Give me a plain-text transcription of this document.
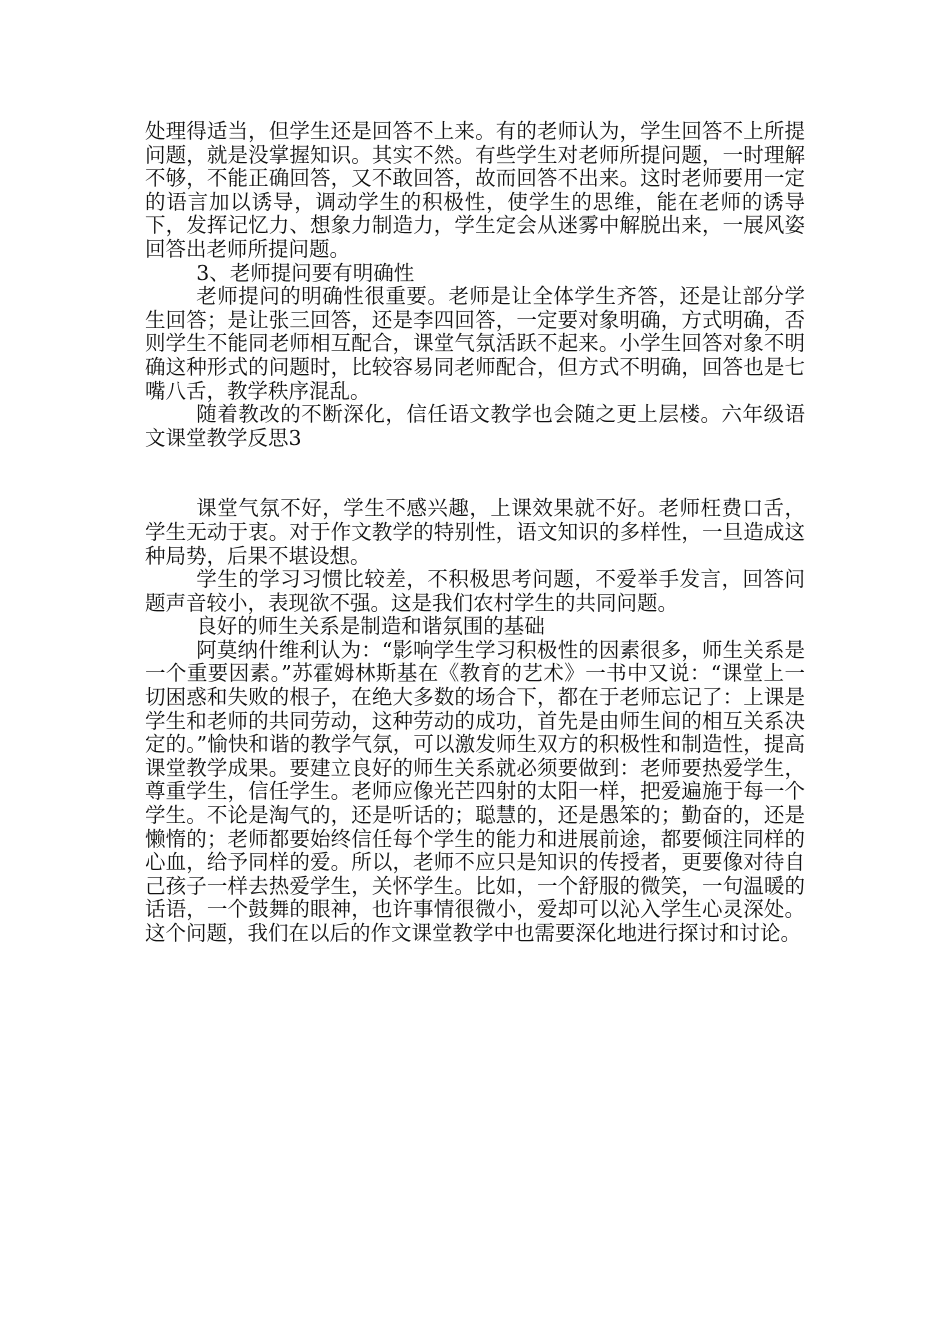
处理得适当，但学生还是回答不上来。有的老师认为，学生回答不上所提问题，就是没掌握知识。其实不然。有些学生对老师所提问题，一时理解不够，不能正确回答，又不敢回答，故而回答不出来。这时老师要用一定的语言加以诱导，调动学生的积极性，使学生的思维，能在老师的诱导下，发挥记忆力、想象力制造力，学生定会从迷雾中解脱出来，一展风姿回答出老师所提问题。

3、老师提问要有明确性

老师提问的明确性很重要。老师是让全体学生齐答，还是让部分学生回答；是让张三回答，还是李四回答，一定要对象明确，方式明确，否则学生不能同老师相互配合，课堂气氛活跃不起来。小学生回答对象不明确这种形式的问题时，比较容易同老师配合，但方式不明确，回答也是七嘴八舌，教学秩序混乱。

随着教改的不断深化，信任语文教学也会随之更上层楼。六年级语文课堂教学反思3

课堂气氛不好，学生不感兴趣，上课效果就不好。老师枉费口舌，学生无动于衷。对于作文教学的特别性，语文知识的多样性，一旦造成这种局势，后果不堪设想。

学生的学习习惯比较差，不积极思考问题，不爱举手发言，回答问题声音较小，表现欲不强。这是我们农村学生的共同问题。

良好的师生关系是制造和谐氛围的基础

阿莫纳什维利认为：“影响学生学习积极性的因素很多，师生关系是一个重要因素。”苏霍姆林斯基在《教育的艺术》一书中又说：“课堂上一切困惑和失败的根子，在绝大多数的场合下，都在于老师忘记了：上课是学生和老师的共同劳动，这种劳动的成功，首先是由师生间的相互关系决定的。”愉快和谐的教学气氛，可以激发师生双方的积极性和制造性，提高课堂教学成果。要建立良好的师生关系就必须要做到：老师要热爱学生，尊重学生，信任学生。老师应像光芒四射的太阳一样，把爱遍施于每一个学生。不论是淘气的，还是听话的；聪慧的，还是愚笨的；勤奋的，还是懒惰的；老师都要始终信任每个学生的能力和进展前途，都要倾注同样的心血，给予同样的爱。所以，老师不应只是知识的传授者，更要像对待自己孩子一样去热爱学生，关怀学生。比如，一个舒服的微笑，一句温暖的话语，一个鼓舞的眼神，也许事情很微小，爱却可以沁入学生心灵深处。这个问题，我们在以后的作文课堂教学中也需要深化地进行探讨和讨论。
